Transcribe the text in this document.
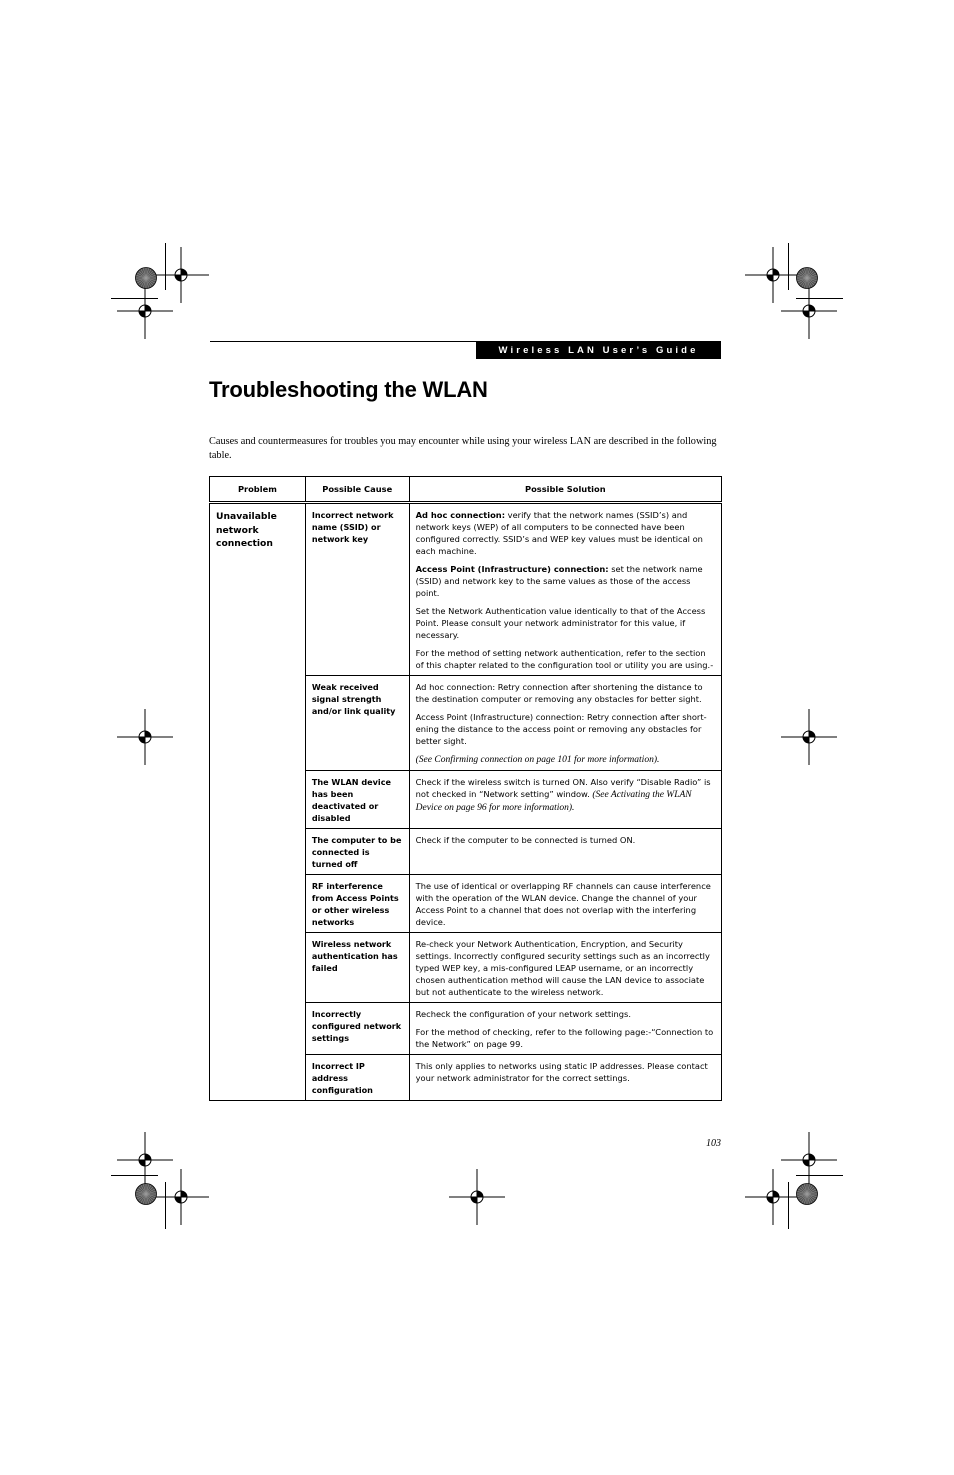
Wireless LAN User’s Guide
Troubleshooting the WLAN

Causes and countermeasures for troubles you may encounter while using your wireless LAN are described in the following table.

Problem	Possible Cause	Possible Solution
Unavailable network connection	Incorrect network name (SSID) or network key	Ad hoc connection: verify that the network names (SSID’s) and network keys (WEP) of all computers to be connected have been configured correctly. SSID’s and WEP key values must be identical on each machine.

Access Point (Infrastructure) connection: set the network name (SSID) and network key to the same values as those of the access point.

Set the Network Authentication value identically to that of the Access Point. Please consult your network administrator for this value, if necessary.

For the method of setting network authentication, refer to the section of this chapter related to the configuration tool or utility you are using.-

	Weak received signal strength and/or link quality	Ad hoc connection: Retry connection after shortening the distance to the destination computer or removing any obstacles for better sight.

Access Point (Infrastructure) connection: Retry connection after short-ening the distance to the access point or removing any obstacles for better sight.

(See Confirming connection on page 101 for more information).

	The WLAN device has been deactivated or disabled	Check if the wireless switch is turned ON. Also verify “Disable Radio” is not checked in “Network setting” window. (See Activating the WLAN Device on page 96 for more information).

	The computer to be connected is turned off	Check if the computer to be connected is turned ON.

	RF interference from Access Points or other wireless networks	The use of identical or overlapping RF channels can cause interference with the operation of the WLAN device. Change the channel of your Access Point to a channel that does not overlap with the interfering device.

	Wireless network authentication has failed	Re-check your Network Authentication, Encryption, and Security settings. Incorrectly configured security settings such as an incorrectly typed WEP key, a mis-configured LEAP username, or an incorrectly chosen authentication method will cause the LAN device to associate but not authenticate to the wireless network.

	Incorrectly configured network settings	Recheck the configuration of your network settings.

For the method of checking, refer to the following page:-“Connection to the Network” on page 99.

	Incorrect IP address configuration	This only applies to networks using static IP addresses. Please contact your network administrator for the correct settings.

103
